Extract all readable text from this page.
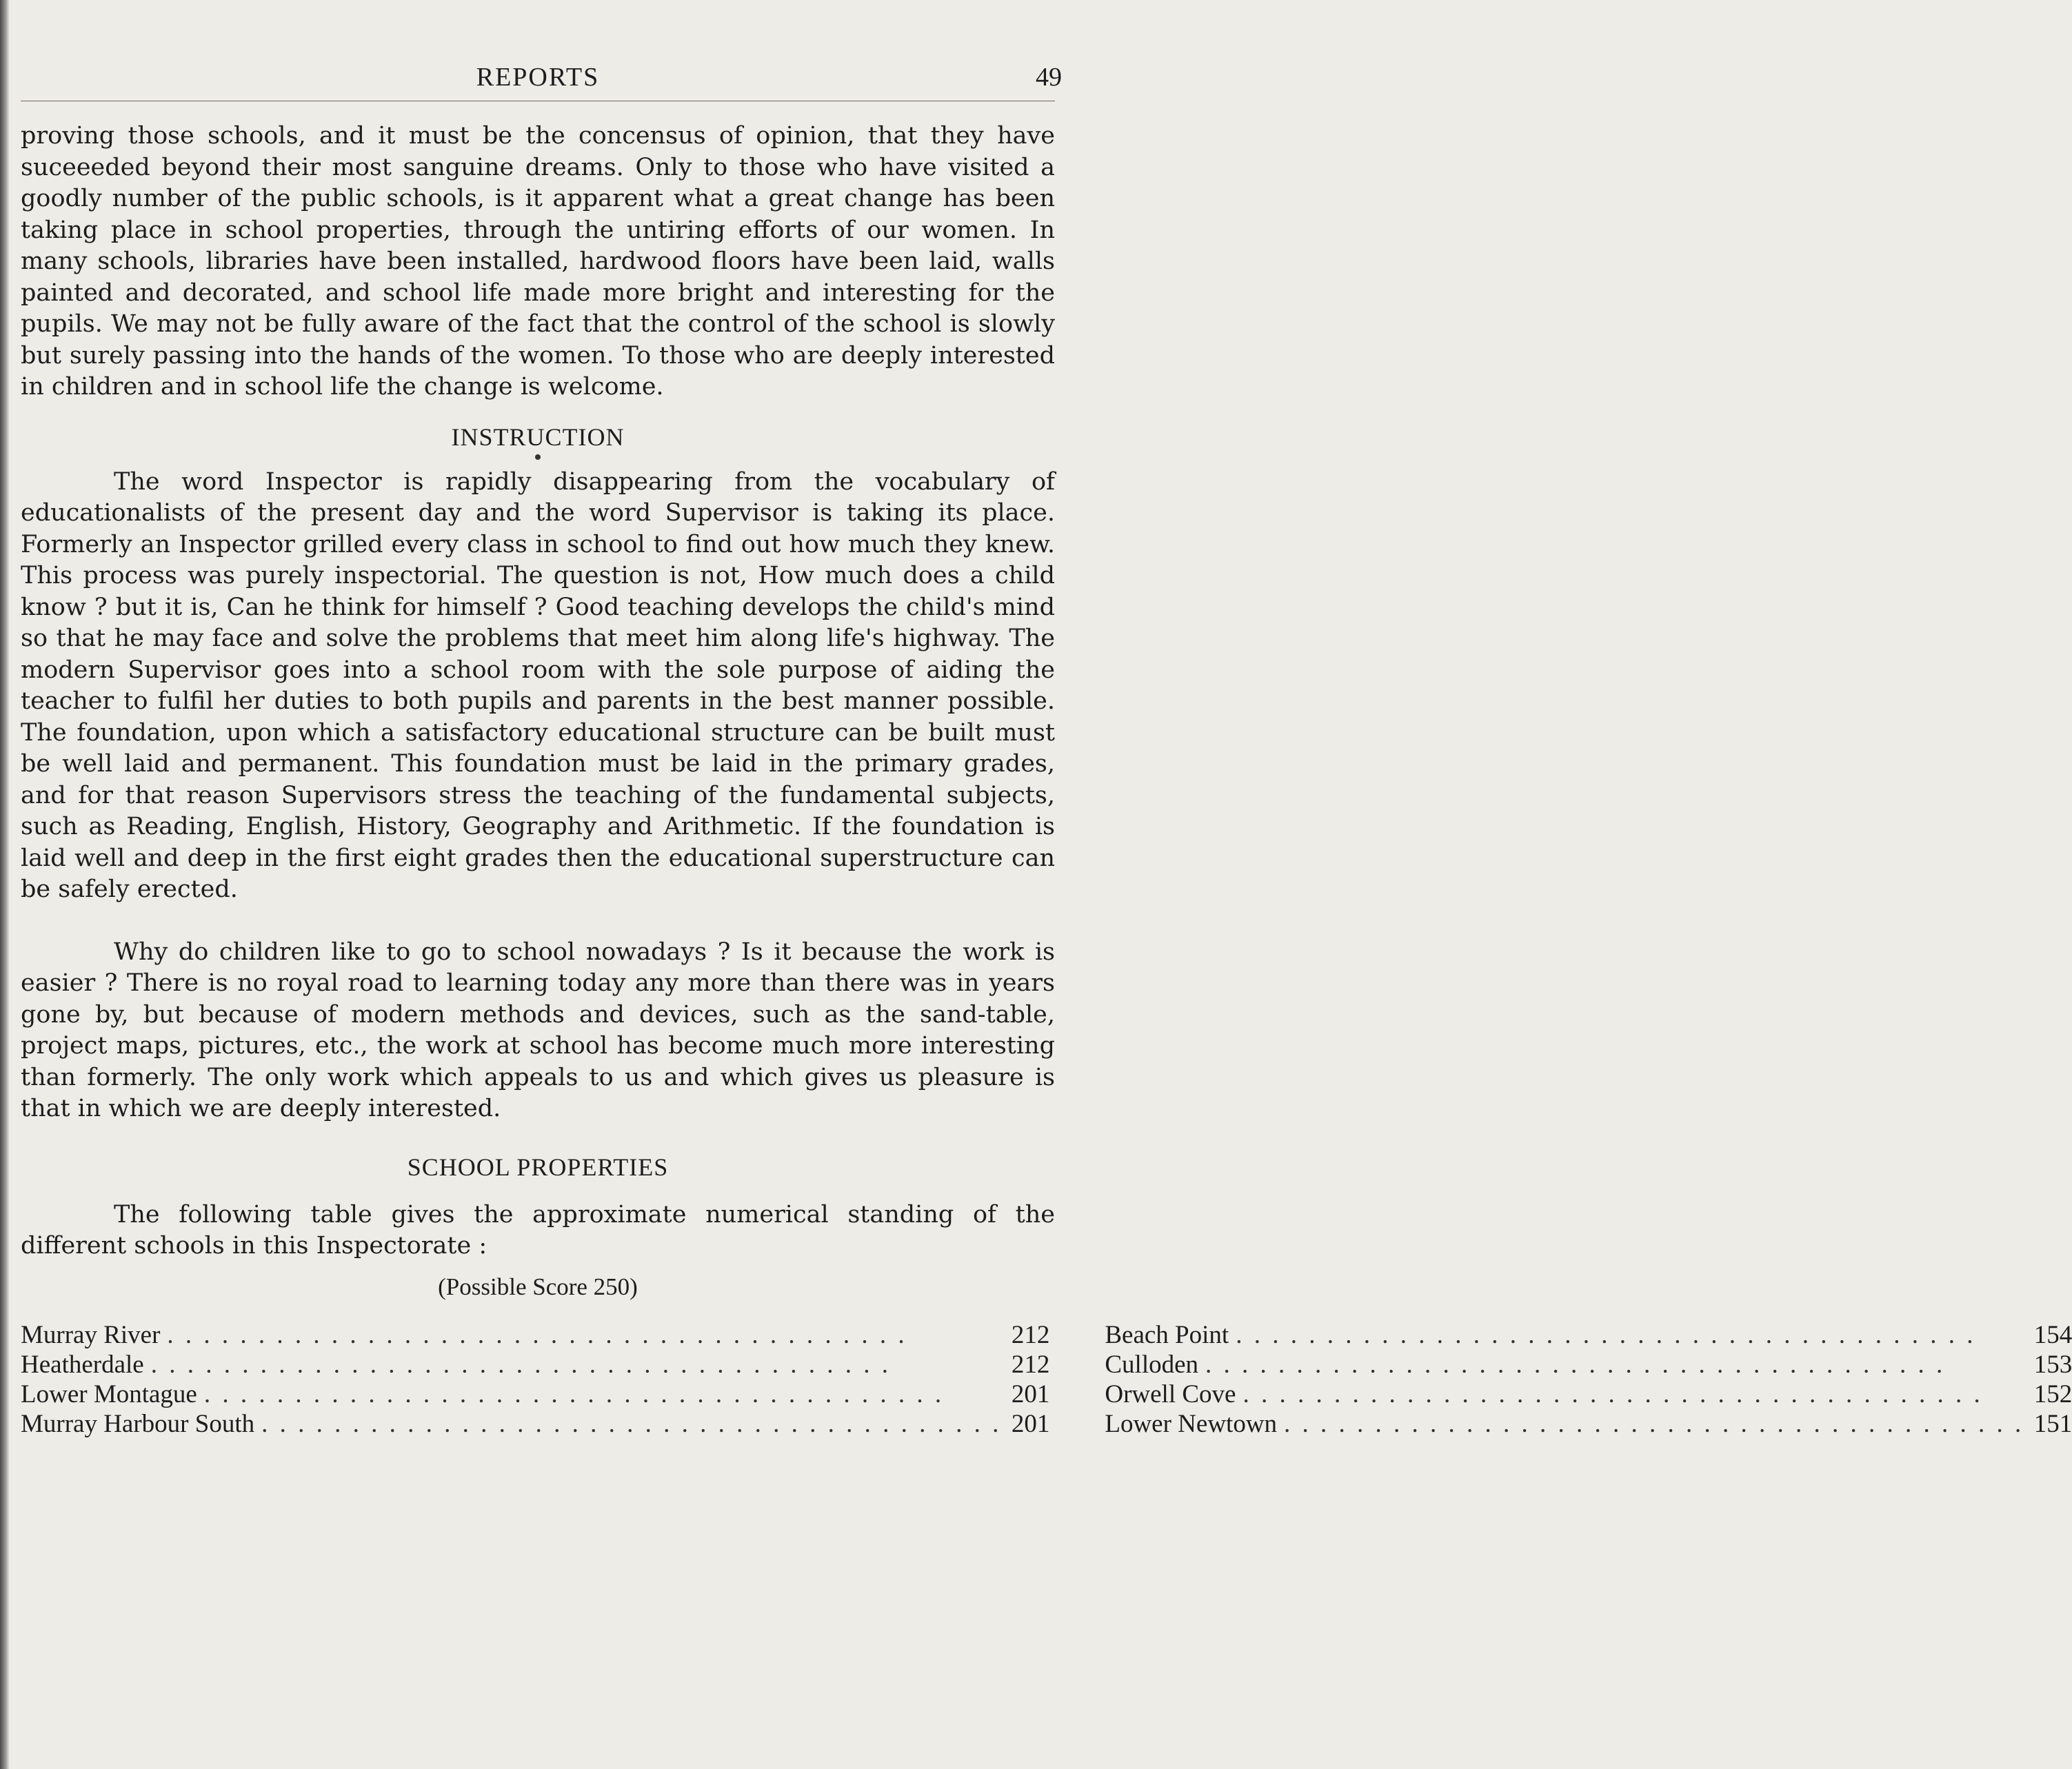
REPORTS	49

proving those schools, and it must be the concensus of opinion, that they have suceeeded beyond their most sanguine dreams. Only to those who have visited a goodly number of the public schools, is it apparent what a great change has been taking place in school properties, through the untiring efforts of our women. In many schools, libraries have been installed, hardwood floors have been laid, walls painted and decorated, and school life made more bright and interesting for the pupils. We may not be fully aware of the fact that the control of the school is slowly but surely passing into the hands of the women. To those who are deeply interested in children and in school life the change is welcome.

INSTRUCTION

The word Inspector is rapidly disappearing from the vocabulary of educationalists of the present day and the word Supervisor is taking its place. Formerly an Inspector grilled every class in school to find out how much they knew. This process was purely inspectorial. The question is not, How much does a child know ? but it is, Can he think for himself ? Good teaching develops the child's mind so that he may face and solve the problems that meet him along life's highway. The modern Supervisor goes into a school room with the sole purpose of aiding the teacher to fulfil her duties to both pupils and parents in the best manner possible. The foundation, upon which a satisfactory educational structure can be built must be well laid and permanent. This foundation must be laid in the primary grades, and for that reason Supervisors stress the teaching of the fundamental subjects, such as Reading, English, History, Geography and Arithmetic. If the foundation is laid well and deep in the first eight grades then the educational superstructure can be safely erected.

Why do children like to go to school nowadays ? Is it because the work is easier ? There is no royal road to learning today any more than there was in years gone by, but because of modern methods and devices, such as the sand-table, project maps, pictures, etc., the work at school has become much more interesting than formerly. The only work which appeals to us and which gives us pleasure is that in which we are deeply interested.

SCHOOL PROPERTIES

The following table gives the approximate numerical standing of the different schools in this Inspectorate :

(Possible Score 250)
Murray River . . .	212
Heatherdale . . .	212
Lower Montague . . .	201
Murray Harbour South . . .	201
Beach Point . . .	154
Culloden . . .	153
Orwell Cove . . .	152
Lower Newtown . . .	151
